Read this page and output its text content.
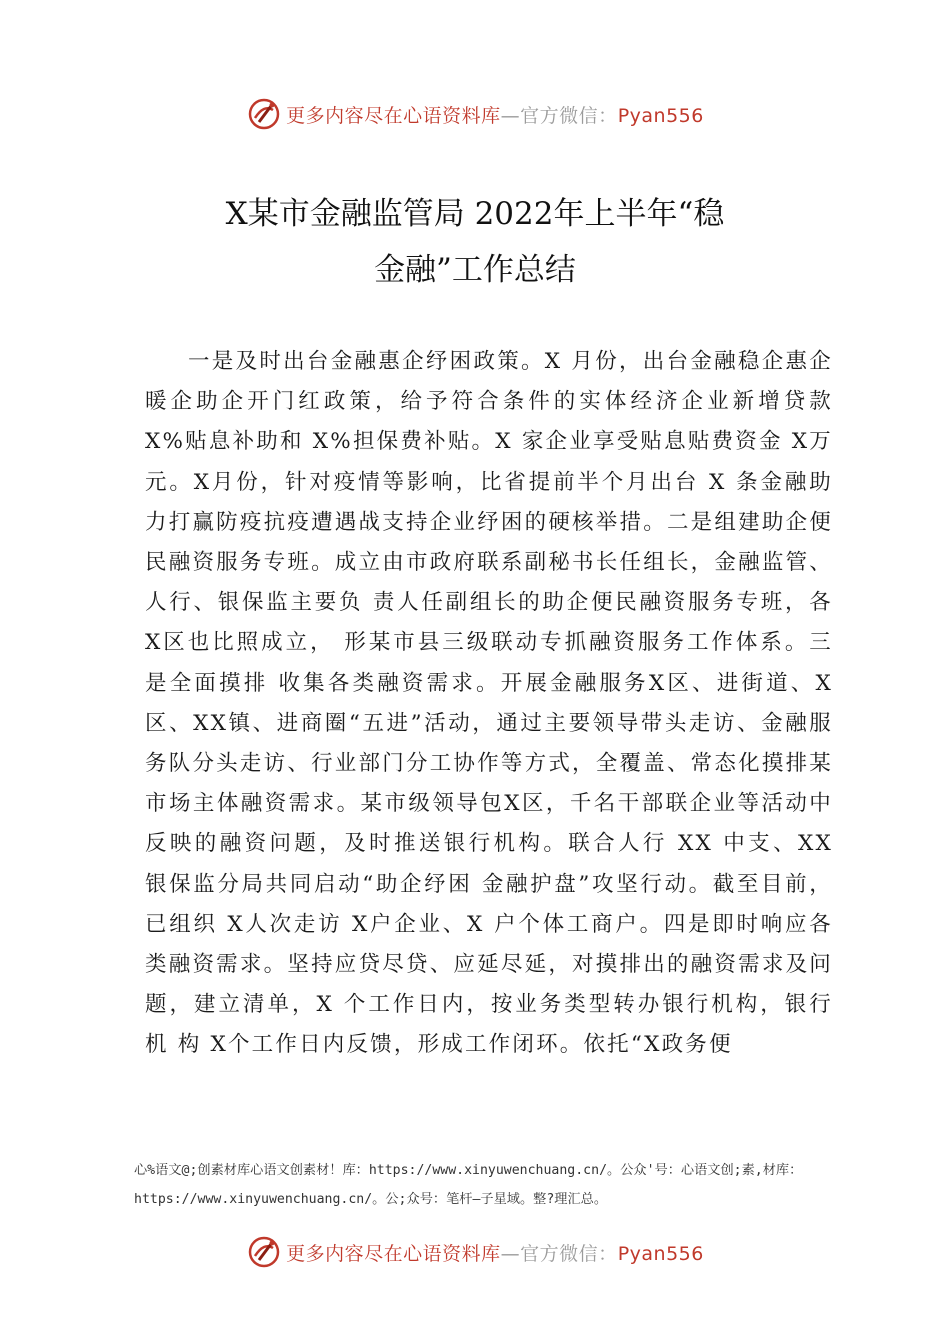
更多内容尽在心语资料库—官方微信：Pyan556
X某市金融监管局 2022年上半年“稳
金融”工作总结
一是及时出台金融惠企纾困政策。X 月份，出台金融稳企惠企暖企助企开门红政策，给予符合条件的实体经济企业新增贷款 X%贴息补助和 X%担保费补贴。X 家企业享受贴息贴费资金 X万元。X月份，针对疫情等影响，比省提前半个月出台 X 条金融助力打赢防疫抗疫遭遇战支持企业纾困的硬核举措。二是组建助企便民融资服务专班。成立由市政府联系副秘书长任组长，金融监管、人行、银保监主要负 责人任副组长的助企便民融资服务专班，各X区也比照成立， 形某市县三级联动专抓融资服务工作体系。三是全面摸排 收集各类融资需求。开展金融服务X区、进街道、X区、XX镇、进商圈“五进”活动，通过主要领导带头走访、金融服务队分头走访、行业部门分工协作等方式，全覆盖、常态化摸排某市场主体融资需求。某市级领导包X区，千名干部联企业等活动中反映的融资问题，及时推送银行机构。联合人行 XX 中支、XX 银保监分局共同启动“助企纾困 金融护盘”攻坚行动。截至目前，已组织 X人次走访 X户企业、X 户个体工商户。四是即时响应各类融资需求。坚持应贷尽贷、应延尽延，对摸排出的融资需求及问题，建立清单，X 个工作日内，按业务类型转办银行机构，银行机 构 X个工作日内反馈，形成工作闭环。依托“X政务便
心%语文@;创素材库心语文创素材！库：https://www.xinyuwenchuang.cn/。公众'号：心语文创;素,材库：https://www.xinyuwenchuang.cn/。公;众号：笔杆—子星域。整?理汇总。
更多内容尽在心语资料库—官方微信：Pyan556
